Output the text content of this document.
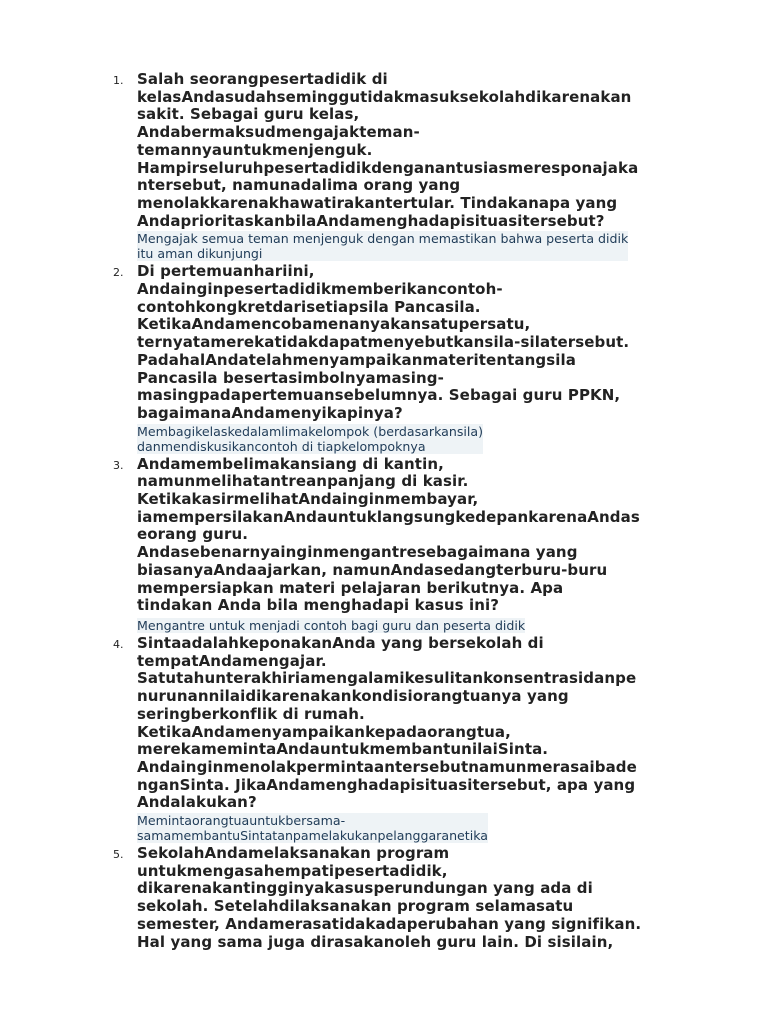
1. Salah seorangpesertadidik di
kelasAndasudahseminggutidakmasuksekolahdikarenakan
sakit. Sebagai guru kelas,
Andabermaksudmengajakteman-
temannyauntukmenjenguk.
Hampirseluruhpesertadidikdenganantusiasmeresponajaka
ntersebut, namunadalima orang yang
menolakkarenakhawatirakantertular. Tindakanapa yang
AndaprioritaskanbilaAndamenghadapisituasitersebut?
Mengajak semua teman menjenguk dengan memastikan bahwa peserta didik
itu aman dikunjungi
2. Di pertemuanhariini,
Andainginpesertadidikmemberikancontoh-
contohkongkretdarisetiapsila Pancasila.
KetikaAndamencobamenanyakansatupersatu,
ternyatamerekatidakdapatmenyebutkansila-silatersebut.
PadahalAndatelahmenyampaikanmateritentangsila
Pancasila besertasimbolnyamasing-
masingpadapertemuansebelumnya. Sebagai guru PPKN,
bagaimanaAndamenyikapinya?
Membagikelaskedalamlimakelompok (berdasarkansila)
danmendiskusikancontoh di tiapkelompoknya
3. Andamembelimakansiang di kantin,
namunmelihatantreanpanjang di kasir.
KetikakasirmelihatAndainginmembayar,
iamempersilakanAndauntuklangsungkedepankarenaAndas
eorang guru.
Andasebenarnyainginmengantresebagaimana yang
biasanyaAndaajarkan, namunAndasedangterburu-buru
mempersiapkan materi pelajaran berikutnya. Apa
tindakan Anda bila menghadapi kasus ini?
Mengantre untuk menjadi contoh bagi guru dan peserta didik
4. SintaadalahkeponakanAnda yang bersekolah di
tempatAndamengajar.
Satutahunterakhiriamengalamikesulitankonsentrasidanpe
nurunannilaidikarenakankondisiorangtuanya yang
seringberkonflik di rumah.
KetikaAndamenyampaikankepadaorangtua,
merekamemintaAndauntukmembantunilaiSinta.
Andainginmenolakpermintaantersebutnamunmerasaibade
nganSinta. JikaAndamenghadapisituasitersebut, apa yang
Andalakukan?
Memintaorangtuauntukbersama-
samamembantuSintatanpamelakukanpelanggaranetika
5. SekolahAndamelaksanakan program
untukmengasahempatipesertadidik,
dikarenakantingginyakasusperundungan yang ada di
sekolah. Setelahdilaksanakan program selamasatu
semester, Andamerasatidakadaperubahan yang signifikan.
Hal yang sama juga dirasakanoleh guru lain. Di sisilain,
